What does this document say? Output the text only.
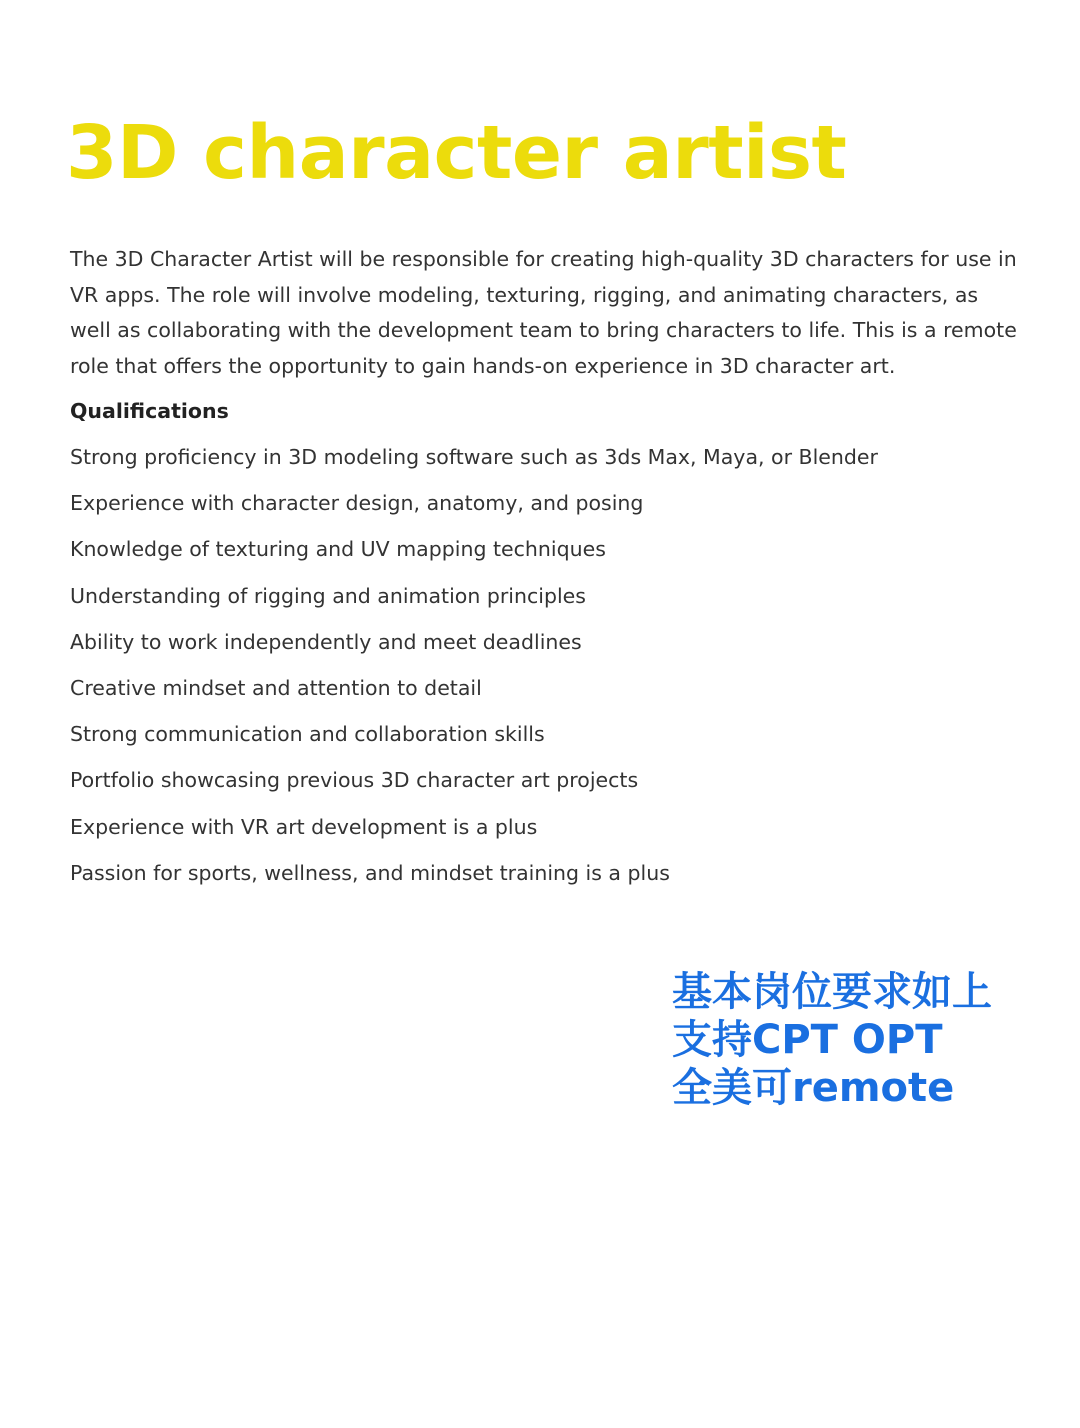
3D character artist

The 3D Character Artist will be responsible for creating high-quality 3D characters for use in VR apps. The role will involve modeling, texturing, rigging, and animating characters, as well as collaborating with the development team to bring characters to life. This is a remote role that offers the opportunity to gain hands-on experience in 3D character art.

Qualifications
Strong proficiency in 3D modeling software such as 3ds Max, Maya, or Blender
Experience with character design, anatomy, and posing
Knowledge of texturing and UV mapping techniques
Understanding of rigging and animation principles
Ability to work independently and meet deadlines
Creative mindset and attention to detail
Strong communication and collaboration skills
Portfolio showcasing previous 3D character art projects
Experience with VR art development is a plus
Passion for sports, wellness, and mindset training is a plus
基本岗位要求如上
支持CPT OPT
全美可remote
